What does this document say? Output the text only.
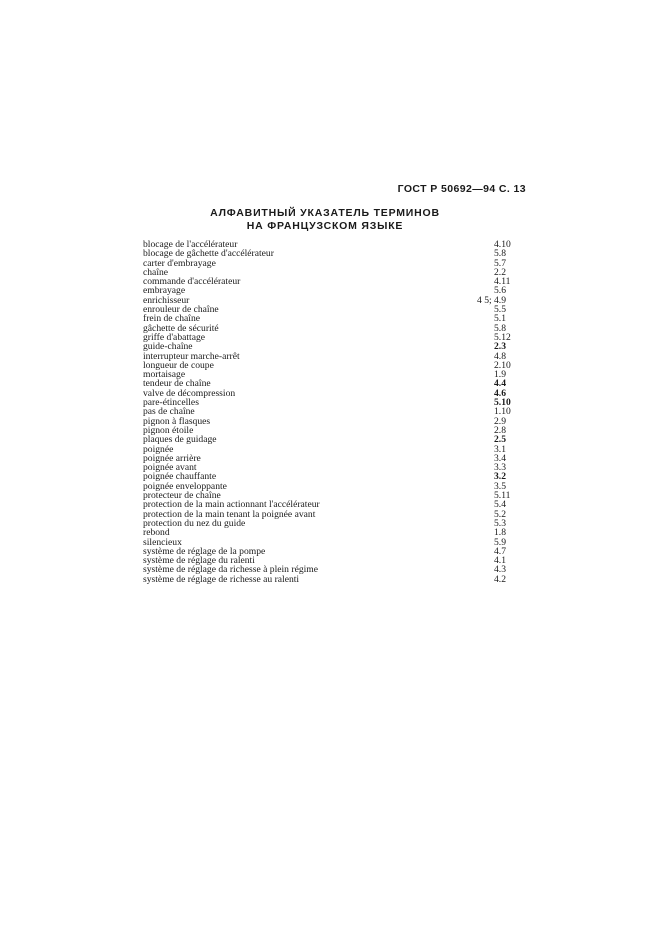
ГОСТ Р 50692—94 С. 13
АЛФАВИТНЫЙ УКАЗАТЕЛЬ ТЕРМИНОВ
НА ФРАНЦУЗСКОМ ЯЗЫКЕ
blocage de l'accélérateur	4.10
blocage de gâchette d'accélérateur	5.8
carter d'embrayage	5.7
chaîne	2.2
commande d'accélérateur	4.11
embrayage	5.6
enrichisseur	4 5; 4.9
enrouleur de chaîne	5.5
frein de chaîne	5.1
gâchette de sécurité	5.8
griffe d'abattage	5.12
guide-chaîne	2.3
interrupteur marche-arrêt	4.8
longueur de coupe	2.10
mortaisage	1.9
tendeur de chaîne	4.4
valve de décompression	4.6
pare-étincelles	5.10
pas de chaîne	1.10
pignon à flasques	2.9
pignon étoile	2.8
plaques de guidage	2.5
poignée	3.1
poignée arrière	3.4
poignée avant	3.3
poignée chauffante	3.2
poignée enveloppante	3.5
protecteur de chaîne	5.11
protection de la main actionnant l'accélérateur	5.4
protection de la main tenant la poignée avant	5.2
protection du nez du guide	5.3
rebond	1.8
silencieux	5.9
système de réglage de la pompe	4.7
système de réglage du ralenti	4.1
système de réglage da richesse à plein régime	4.3
système de réglage de richesse au ralenti	4.2
